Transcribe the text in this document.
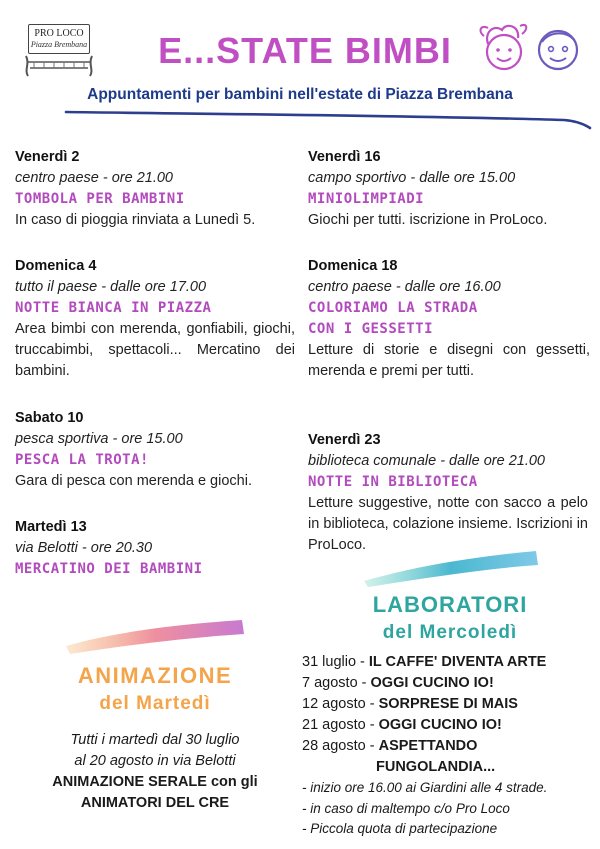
PRO LOCO
Piazza Brembana	E...STATE BIMBI
Appuntamenti per bambini nell'estate di Piazza Brembana
Venerdì 2
centro paese - ore 21.00
TOMBOLA PER BAMBINI
In caso di pioggia rinviata a Lunedì 5.
Domenica 4
tutto il paese - dalle ore 17.00
NOTTE BIANCA IN PIAZZA
Area bimbi con merenda, gonfiabili, giochi, truccabimbi, spettacoli... Mercatino dei bambini.
Sabato 10
pesca sportiva - ore 15.00
PESCA LA TROTA!
Gara di pesca con merenda e giochi.
Martedì 13
via Belotti - ore 20.30
MERCATINO DEI BAMBINI
Venerdì 16
campo sportivo - dalle ore 15.00
MINIOLIMPIADI
Giochi per tutti. iscrizione in ProLoco.
Domenica 18
centro paese - dalle ore 16.00
COLORIAMO LA STRADA CON I GESSETTI
Letture di storie e disegni con gessetti, merenda e premi per tutti.
Venerdì 23
biblioteca comunale - dalle ore 21.00
NOTTE IN BIBLIOTECA
Letture suggestive, notte con sacco a pelo in biblioteca, colazione insieme. Iscrizioni in ProLoco.
ANIMAZIONE
del Martedì
Tutti i martedì dal 30 luglio
al 20 agosto in via Belotti
ANIMAZIONE SERALE con gli
ANIMATORI DEL CRE
LABORATORI
del Mercoledì
31 luglio - IL CAFFE' DIVENTA ARTE
7 agosto - OGGI CUCINO IO!
12 agosto - SORPRESE DI MAIS
21 agosto - OGGI CUCINO IO!
28 agosto - ASPETTANDO
FUNGOLANDIA...
- inizio ore 16.00 ai Giardini alle 4 strade.
- in caso di maltempo c/o Pro Loco
- Piccola quota di partecipazione
